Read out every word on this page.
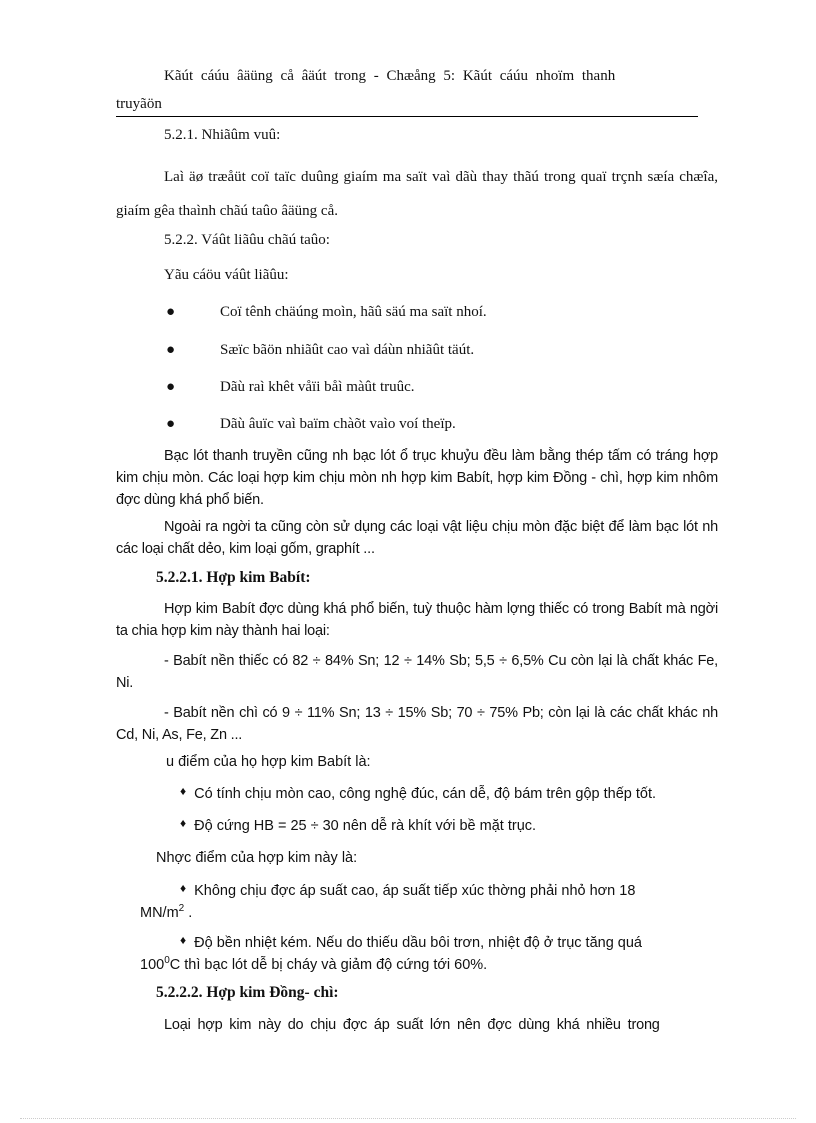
Kãút cáúu âäüng cå âäút trong - Chæång 5: Kãút cáúu nhoïm thanh
truyãön
5.2.1. Nhiãûm vuû:
Laì äø træåüt coï taïc duûng giaím ma saït vaì dãù thay thãú trong quaï trçnh sæía chæîa, giaím gêa thaình chãú taûo âäüng cå.
5.2.2. Váût liãûu chãú taûo:
Yãu cáöu váût liãûu:
●	Coï tênh chäúng moìn, hãû säú ma saït nhoí.
●	Sæïc bãön nhiãût cao vaì dáùn nhiãût täút.
●	Dãù raì khêt våïi båì màût truûc.
●	Dãù âuïc vaì baïm chàõt vaìo voí theïp.
Bạc lót thanh truyền cũng nh bạc lót ổ trục khuỷu đều làm bằng thép tấm có tráng hợp kim chịu mòn. Các loại hợp kim chịu mòn nh hợp kim Babít, hợp kim Đồng - chì, hợp kim nhôm đợc dùng khá phổ biến.
Ngoài ra ngời ta cũng còn sử dụng các loại vật liệu chịu mòn đặc biệt để làm bạc lót nh các loại chất dẻo, kim loại gốm, graphít ...
5.2.2.1. Hợp kim Babít:
Hợp kim Babít đợc dùng khá phổ biến, tuỳ thuộc hàm lợng thiếc có trong Babít mà ngời ta chia hợp kim này thành hai loại:
- Babít nền thiếc có 82 ÷ 84% Sn; 12 ÷ 14% Sb; 5,5 ÷ 6,5% Cu còn lại là chất khác Fe, Ni.
- Babít nền chì có 9 ÷ 11% Sn; 13 ÷ 15% Sb; 70 ÷ 75% Pb; còn lại là các chất khác nh Cd, Ni, As, Fe, Zn ...
u điểm của họ hợp kim Babít là:
♦ Có tính chịu mòn cao, công nghệ đúc, cán dễ, độ bám trên gộp thếp tốt.
♦ Độ cứng HB = 25 ÷ 30 nên dễ rà khít với bề mặt trục.
Nhợc điểm của hợp kim này là:
♦ Không chịu đợc áp suất cao, áp suất tiếp xúc thờng phải nhỏ hơn 18
$MN/m^2$ .
♦ Độ bền nhiệt kém. Nếu do thiếu dầu bôi trơn, nhiệt độ ở trục tăng quá
$100^0C$ thì bạc lót dễ bị cháy và giảm độ cứng tới 60%.
5.2.2.2. Hợp kim Đồng- chì:
Loại hợp kim này do chịu đợc áp suất lớn nên đợc dùng khá nhiều trong
